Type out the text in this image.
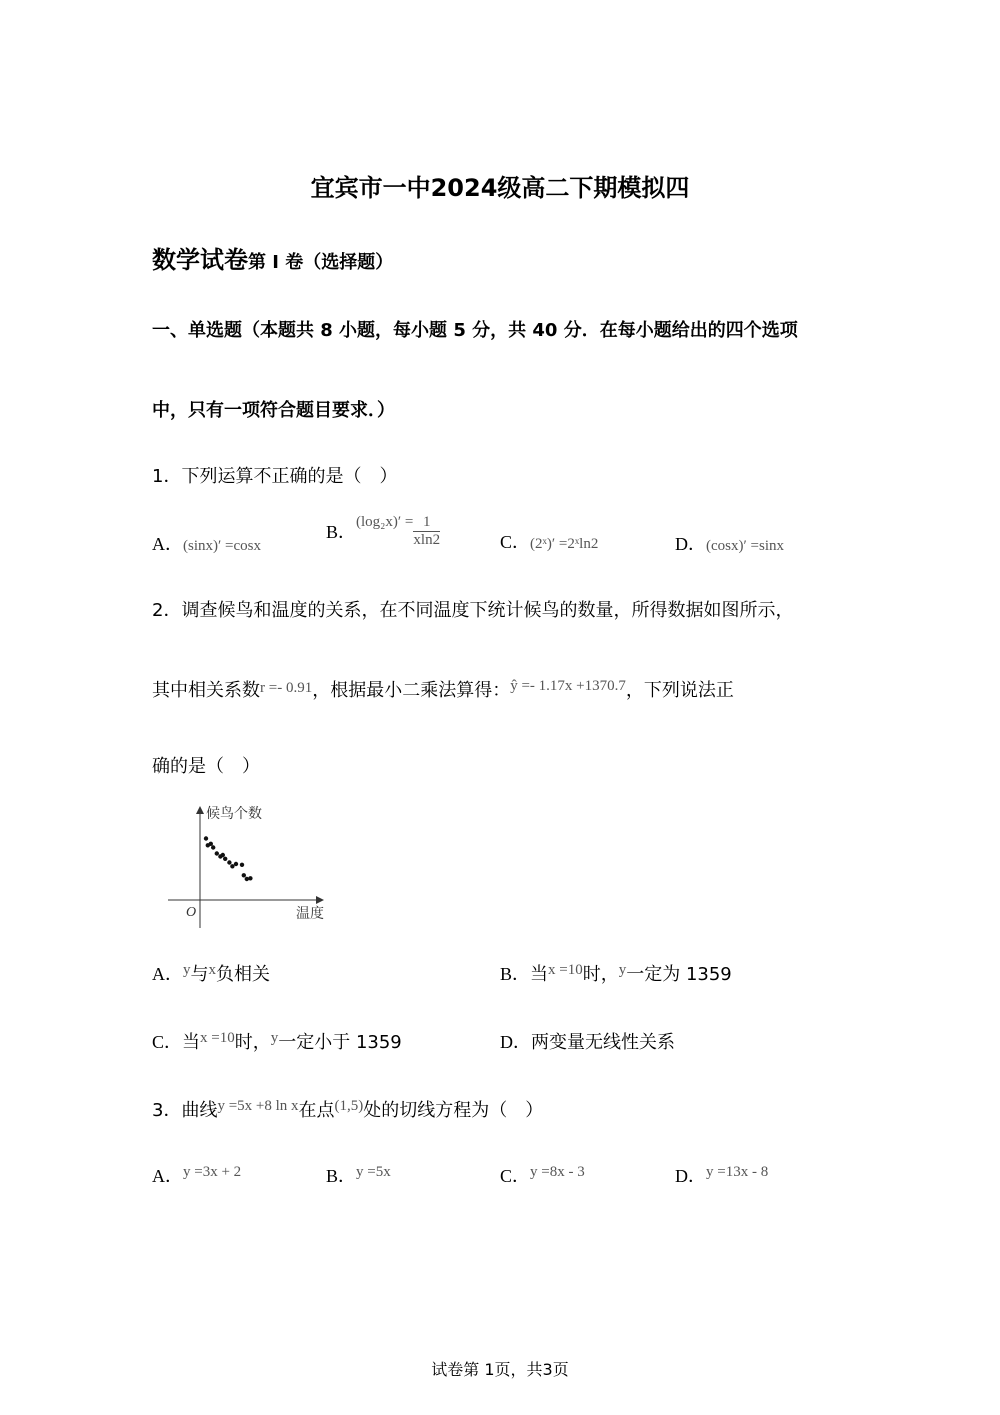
宜宾市一中2024级高二下期模拟四
数学试卷第 I 卷（选择题）
一、单选题（本题共 8 小题，每小题 5 分，共 40 分．在每小题给出的四个选项
中，只有一项符合题目要求．）
1．下列运算不正确的是（　）
A．(sinx)′ =cosx
B．$^{(log_2x)' =} \frac{1}{xln2}$	C．(2ˣ)′ =2ˣln2	D．(cosx)′ =sinx
2．调查候鸟和温度的关系，在不同温度下统计候鸟的数量，所得数据如图所示，
其中相关系数$^{r =- 0.91}$，根据最小二乘法算得：$^{ŷ =- 1.17x +1370.7}$，下列说法正
确的是（　）
候鸟个数
温度
O
A．$^y$与$^x$负相关	B．当$^{x =10}$时，$^y$一定为 1359
C．当$^{x =10}$时，$^y$一定小于 1359	D．两变量无线性关系
3．曲线$^{y =5x +8 ln x}$在点$^{(1,5)}$处的切线方程为（　）
A．$^{y =3x + 2}$	B．$^{y =5x}$	C．$^{y =8x - 3}$	D．$^{y =13x - 8}$
试卷第 1页，共3页
